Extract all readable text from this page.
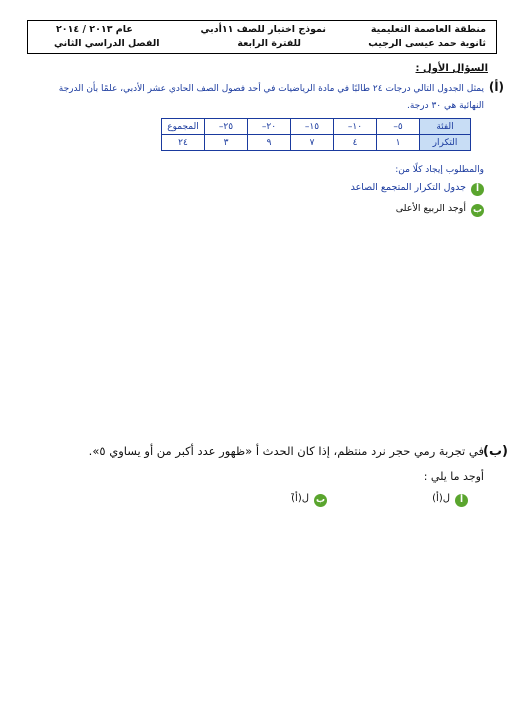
منطقة العاصمة التعليمية
ثانوية حمد عيسى الرجيب
نموذج اختبار للصف ١١أدبي
للفترة الرابعة
عام ٢٠١٣ / ٢٠١٤
الفصل الدراسي الثاني
السؤال الأول :
(أ)
يمثل الجدول التالي درجات ٢٤ طالبًا في مادة الرياضيات في أحد فصول الصف الحادي عشر الأدبي، علمًا بأن الدرجة
النهائية هي ٣٠ درجة.
الفئة	٥–	١٠–	١٥–	٢٠–	٢٥–	المجموع
التكرار	١	٤	٧	٩	٣	٢٤
والمطلوب إيجاد كلًا من:
أ
جدول التكرار المتجمع الصاعد
ب
أوجد الربيع الأعلى
(ب)
في تجربة رمي حجر نرد منتظم، إذا كان الحدث أ «ظهور عدد أكبر من أو يساوي ٥».
أوجد ما يلي :
أ
ل(أ)
ب
ل(أ̄)
